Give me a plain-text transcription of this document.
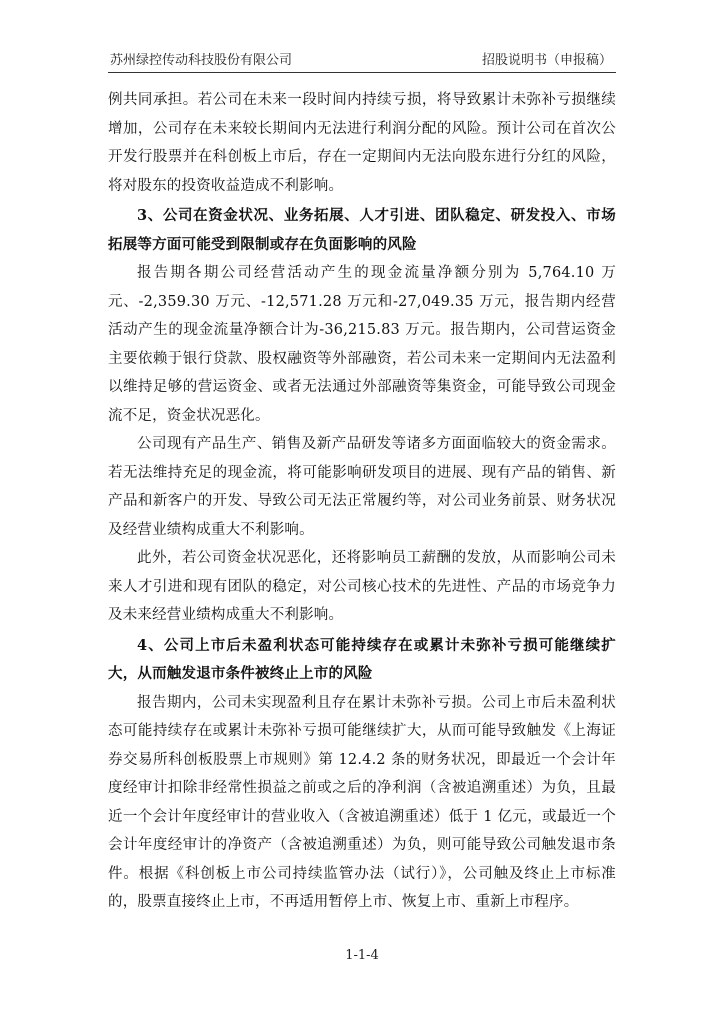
苏州绿控传动科技股份有限公司	招股说明书（申报稿）

例共同承担。若公司在未来一段时间内持续亏损，将导致累计未弥补亏损继续增加，公司存在未来较长期间内无法进行利润分配的风险。预计公司在首次公开发行股票并在科创板上市后，存在一定期间内无法向股东进行分红的风险，将对股东的投资收益造成不利影响。

3、公司在资金状况、业务拓展、人才引进、团队稳定、研发投入、市场拓展等方面可能受到限制或存在负面影响的风险

报告期各期公司经营活动产生的现金流量净额分别为 5,764.10 万元、-2,359.30 万元、-12,571.28 万元和-27,049.35 万元，报告期内经营活动产生的现金流量净额合计为-36,215.83 万元。报告期内，公司营运资金主要依赖于银行贷款、股权融资等外部融资，若公司未来一定期间内无法盈利以维持足够的营运资金、或者无法通过外部融资等集资金，可能导致公司现金流不足，资金状况恶化。

公司现有产品生产、销售及新产品研发等诸多方面面临较大的资金需求。若无法维持充足的现金流，将可能影响研发项目的进展、现有产品的销售、新产品和新客户的开发、导致公司无法正常履约等，对公司业务前景、财务状况及经营业绩构成重大不利影响。

此外，若公司资金状况恶化，还将影响员工薪酬的发放，从而影响公司未来人才引进和现有团队的稳定，对公司核心技术的先进性、产品的市场竞争力及未来经营业绩构成重大不利影响。

4、公司上市后未盈利状态可能持续存在或累计未弥补亏损可能继续扩大，从而触发退市条件被终止上市的风险

报告期内，公司未实现盈利且存在累计未弥补亏损。公司上市后未盈利状态可能持续存在或累计未弥补亏损可能继续扩大，从而可能导致触发《上海证券交易所科创板股票上市规则》第 12.4.2 条的财务状况，即最近一个会计年度经审计扣除非经常性损益之前或之后的净利润（含被追溯重述）为负，且最近一个会计年度经审计的营业收入（含被追溯重述）低于 1 亿元，或最近一个会计年度经审计的净资产（含被追溯重述）为负，则可能导致公司触发退市条件。根据《科创板上市公司持续监管办法（试行）》，公司触及终止上市标准的，股票直接终止上市，不再适用暂停上市、恢复上市、重新上市程序。

1-1-4
